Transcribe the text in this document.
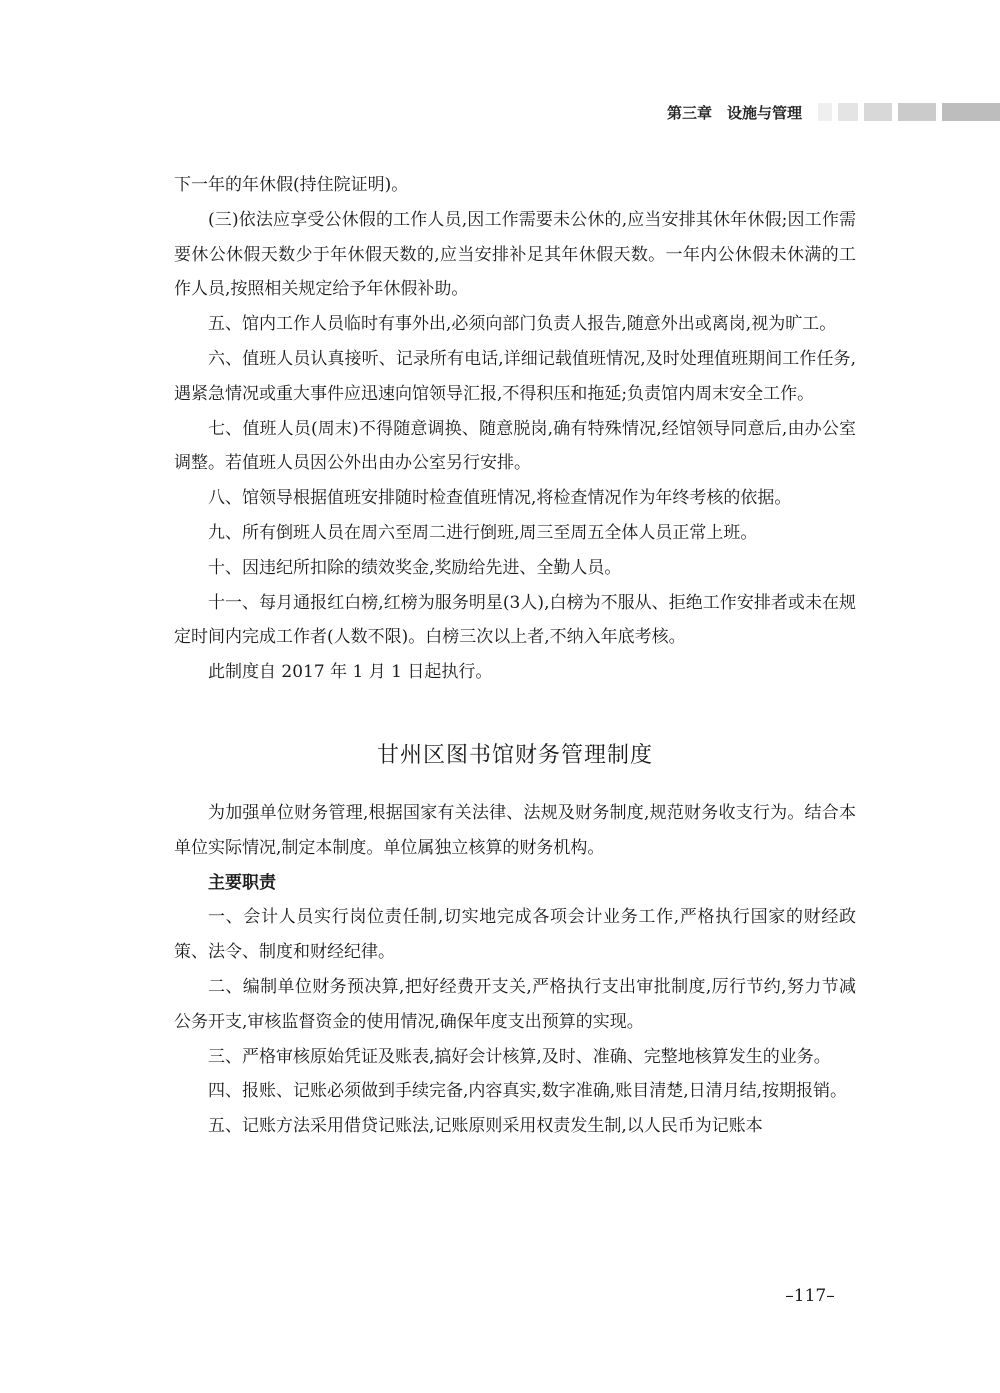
第三章　设施与管理

下一年的年休假(持住院证明)。

(三)依法应享受公休假的工作人员,因工作需要未公休的,应当安排其休年休假;因工作需要休公休假天数少于年休假天数的,应当安排补足其年休假天数。一年内公休假未休满的工作人员,按照相关规定给予年休假补助。

五、馆内工作人员临时有事外出,必须向部门负责人报告,随意外出或离岗,视为旷工。

六、值班人员认真接听、记录所有电话,详细记载值班情况,及时处理值班期间工作任务,遇紧急情况或重大事件应迅速向馆领导汇报,不得积压和拖延;负责馆内周末安全工作。

七、值班人员(周末)不得随意调换、随意脱岗,确有特殊情况,经馆领导同意后,由办公室调整。若值班人员因公外出由办公室另行安排。

八、馆领导根据值班安排随时检查值班情况,将检查情况作为年终考核的依据。

九、所有倒班人员在周六至周二进行倒班,周三至周五全体人员正常上班。

十、因违纪所扣除的绩效奖金,奖励给先进、全勤人员。

十一、每月通报红白榜,红榜为服务明星(3人),白榜为不服从、拒绝工作安排者或未在规定时间内完成工作者(人数不限)。白榜三次以上者,不纳入年底考核。

此制度自 2017 年 1 月 1 日起执行。

甘州区图书馆财务管理制度

为加强单位财务管理,根据国家有关法律、法规及财务制度,规范财务收支行为。结合本单位实际情况,制定本制度。单位属独立核算的财务机构。

主要职责

一、会计人员实行岗位责任制,切实地完成各项会计业务工作,严格执行国家的财经政策、法令、制度和财经纪律。

二、编制单位财务预决算,把好经费开支关,严格执行支出审批制度,厉行节约,努力节减公务开支,审核监督资金的使用情况,确保年度支出预算的实现。

三、严格审核原始凭证及账表,搞好会计核算,及时、准确、完整地核算发生的业务。

四、报账、记账必须做到手续完备,内容真实,数字准确,账目清楚,日清月结,按期报销。

五、记账方法采用借贷记账法,记账原则采用权责发生制,以人民币为记账本

–117–
